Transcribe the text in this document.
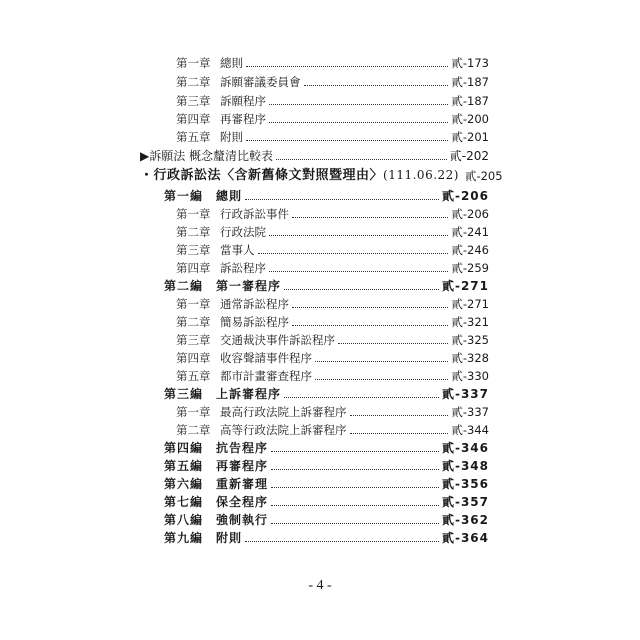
第一章 總則	貳-173
第二章 訴願審議委員會	貳-187
第三章 訴願程序	貳-187
第四章 再審程序	貳-200
第五章 附則	貳-201
▶訴願法 概念釐清比較表	貳-202
・行政訴訟法〈含新舊條文對照暨理由〉(111.06.22) 貳-205
第一編 總則	貳-206
第一章 行政訴訟事件	貳-206
第二章 行政法院	貳-241
第三章 當事人	貳-246
第四章 訴訟程序	貳-259
第二編 第一審程序	貳-271
第一章 通常訴訟程序	貳-271
第二章 簡易訴訟程序	貳-321
第三章 交通裁決事件訴訟程序	貳-325
第四章 收容聲請事件程序	貳-328
第五章 都市計畫審查程序	貳-330
第三編 上訴審程序	貳-337
第一章 最高行政法院上訴審程序	貳-337
第二章 高等行政法院上訴審程序	貳-344
第四編 抗告程序	貳-346
第五編 再審程序	貳-348
第六編 重新審理	貳-356
第七編 保全程序	貳-357
第八編 強制執行	貳-362
第九編 附則	貳-364
- 4 -
